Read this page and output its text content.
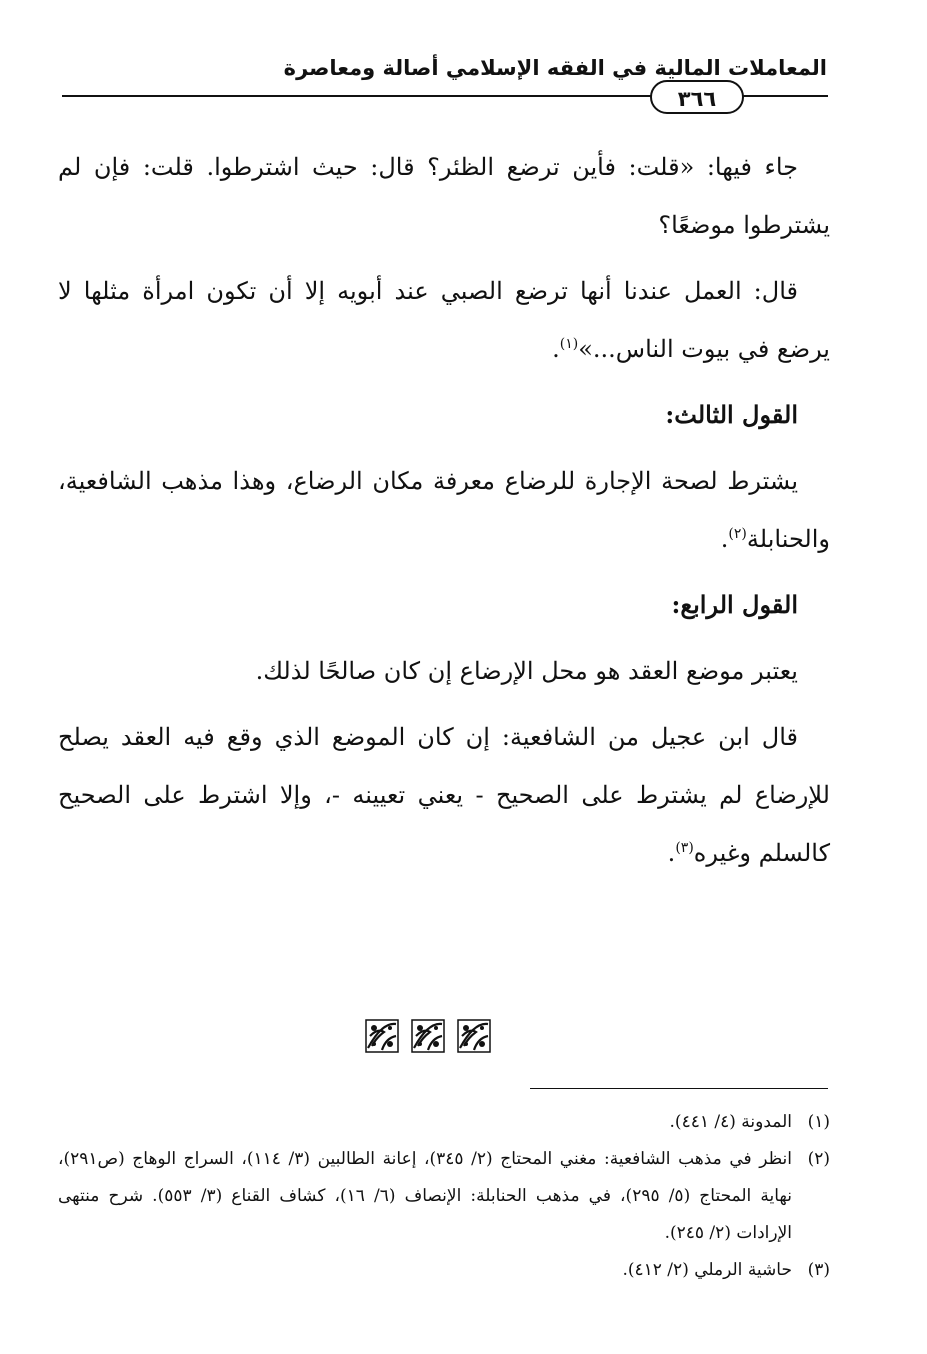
المعاملات المالية في الفقه الإسلامي أصالة ومعاصرة
٣٦٦

جاء فيها: «قلت: فأين ترضع الظئر؟ قال: حيث اشترطوا. قلت: فإن لم يشترطوا موضعًا؟

قال: العمل عندنا أنها ترضع الصبي عند أبويه إلا أن تكون امرأة مثلها لا يرضع في بيوت الناس...»$^{(١)}$.

القول الثالث:

يشترط لصحة الإجارة للرضاع معرفة مكان الرضاع، وهذا مذهب الشافعية، والحنابلة$^{(٢)}$.

القول الرابع:

يعتبر موضع العقد هو محل الإرضاع إن كان صالحًا لذلك.

قال ابن عجيل من الشافعية: إن كان الموضع الذي وقع فيه العقد يصلح للإرضاع لم يشترط على الصحيح - يعني تعيينه -، وإلا اشترط على الصحيح كالسلم وغيره$^{(٣)}$.

(١)المدونة (٤/ ٤٤١).

(٢)انظر في مذهب الشافعية: مغني المحتاج (٢/ ٣٤٥)، إعانة الطالبين (٣/ ١١٤)، السراج الوهاج (ص٢٩١)، نهاية المحتاج (٥/ ٢٩٥)، في مذهب الحنابلة: الإنصاف (٦/ ١٦)، كشاف القناع (٣/ ٥٥٣). شرح منتهى الإرادات (٢/ ٢٤٥).

(٣)حاشية الرملي (٢/ ٤١٢).
